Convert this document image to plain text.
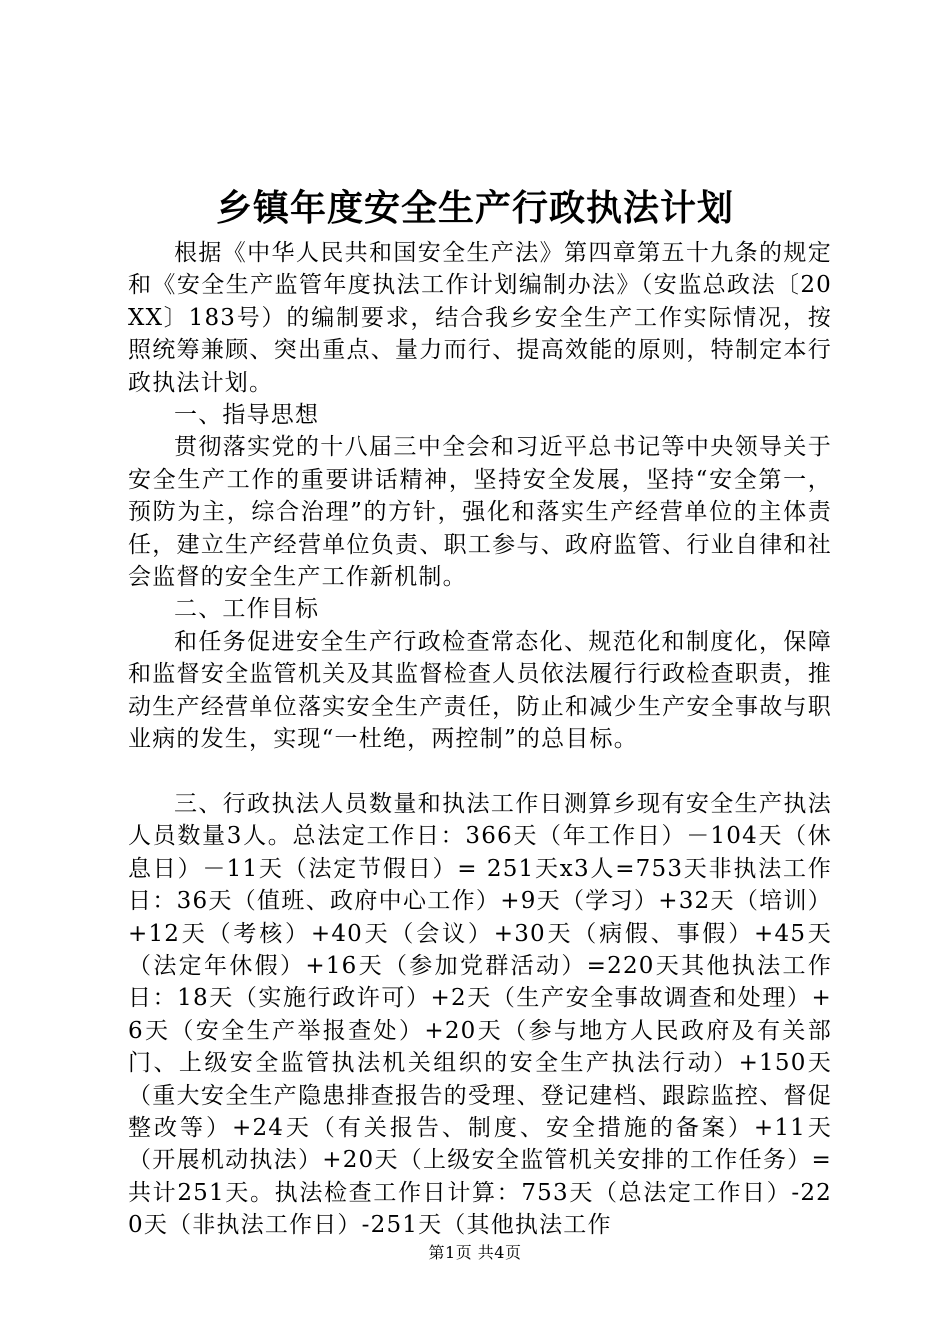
乡镇年度安全生产行政执法计划

根据《中华人民共和国安全生产法》第四章第五十九条的规定和《安全生产监管年度执法工作计划编制办法》（安监总政法〔20XX〕183号）的编制要求，结合我乡安全生产工作实际情况，按照统筹兼顾、突出重点、量力而行、提高效能的原则，特制定本行政执法计划。

一、指导思想

贯彻落实党的十八届三中全会和习近平总书记等中央领导关于安全生产工作的重要讲话精神，坚持安全发展，坚持“安全第一，预防为主，综合治理”的方针，强化和落实生产经营单位的主体责任，建立生产经营单位负责、职工参与、政府监管、行业自律和社会监督的安全生产工作新机制。

二、工作目标

和任务促进安全生产行政检查常态化、规范化和制度化，保障和监督安全监管机关及其监督检查人员依法履行行政检查职责，推动生产经营单位落实安全生产责任，防止和减少生产安全事故与职业病的发生，实现“一杜绝，两控制”的总目标。

三、行政执法人员数量和执法工作日测算乡现有安全生产执法人员数量3人。总法定工作日：366天（年工作日）－104天（休息日）－11天（法定节假日）= 251天x3人=753天非执法工作日：36天（值班、政府中心工作）+9天（学习）+32天（培训）+12天（考核）+40天（会议）+30天（病假、事假）+45天（法定年休假）+16天（参加党群活动）=220天其他执法工作日：18天（实施行政许可）+2天（生产安全事故调查和处理）+6天（安全生产举报查处）+20天（参与地方人民政府及有关部门、上级安全监管执法机关组织的安全生产执法行动）+150天（重大安全生产隐患排查报告的受理、登记建档、跟踪监控、督促整改等）+24天（有关报告、制度、安全措施的备案）+11天（开展机动执法）+20天（上级安全监管机关安排的工作任务）=共计251天。执法检查工作日计算：753天（总法定工作日）-220天（非执法工作日）-251天（其他执法工作

第1页 共4页
